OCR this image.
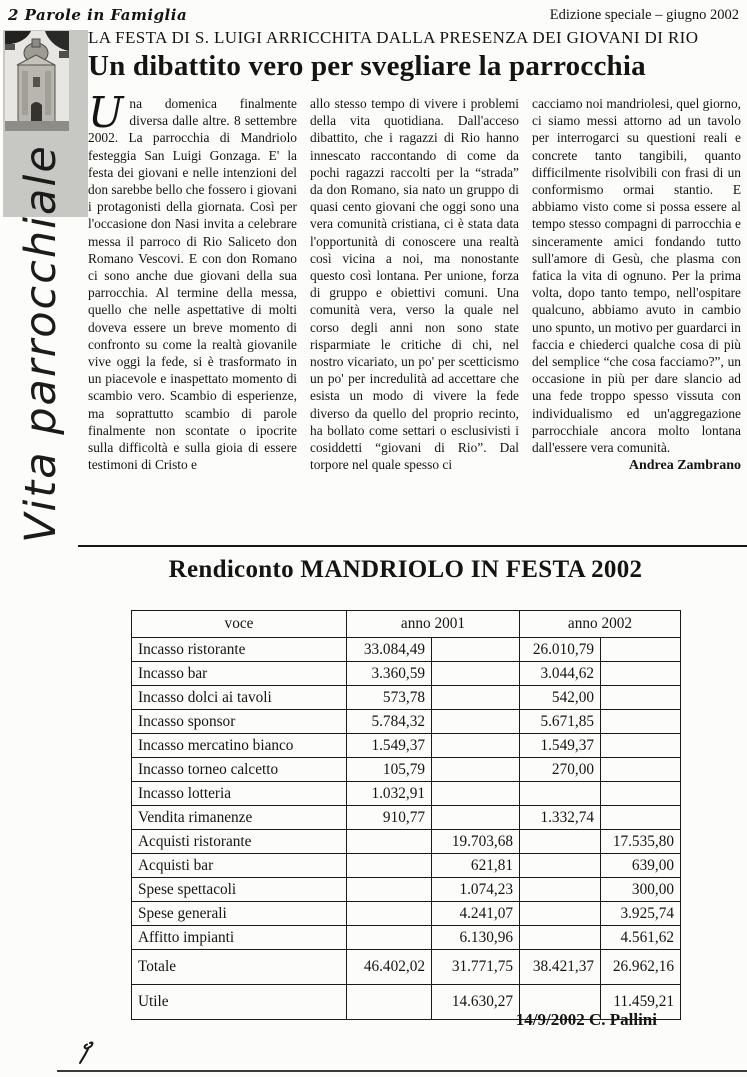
2 Parole in Famiglia	Edizione speciale – giugno 2002
Vita parrocchiale
LA FESTA DI S. LUIGI ARRICCHITA DALLA PRESENZA DEI GIOVANI DI RIO
Un dibattito vero per svegliare la parrocchia
Una domenica finalmente diversa dalle altre. 8 settembre 2002. La parrocchia di Mandriolo festeggia San Luigi Gonzaga. E' la festa dei giovani e nelle intenzioni del don sarebbe bello che fossero i giovani i protagonisti della giornata. Così per l'occasione don Nasi invita a celebrare messa il parroco di Rio Saliceto don Romano Vescovi. E con don Romano ci sono anche due giovani della sua parrocchia. Al termine della messa, quello che nelle aspettative di molti doveva essere un breve momento di confronto su come la realtà giovanile vive oggi la fede, si è trasformato in un piacevole e inaspettato momento di scambio vero. Scambio di esperienze, ma soprattutto scambio di parole finalmente non scontate o ipocrite sulla difficoltà e sulla gioia di essere testimoni di Cristo e
allo stesso tempo di vivere i problemi della vita quotidiana. Dall'acceso dibattito, che i ragazzi di Rio hanno innescato raccontando di come da pochi ragazzi raccolti per la “strada” da don Romano, sia nato un gruppo di quasi cento giovani che oggi sono una vera comunità cristiana, ci è stata data l'opportunità di conoscere una realtà così vicina a noi, ma nonostante questo così lontana. Per unione, forza di gruppo e obiettivi comuni. Una comunità vera, verso la quale nel corso degli anni non sono state risparmiate le critiche di chi, nel nostro vicariato, un po' per scetticismo un po' per incredulità ad accettare che esista un modo di vivere la fede diverso da quello del proprio recinto, ha bollato come settari o esclusivisti i cosiddetti “giovani di Rio”. Dal torpore nel quale spesso ci
cacciamo noi mandriolesi, quel giorno, ci siamo messi attorno ad un tavolo per interrogarci su questioni reali e concrete tanto tangibili, quanto difficilmente risolvibili con frasi di un conformismo ormai stantio. E abbiamo visto come si possa essere al tempo stesso compagni di parrocchia e sinceramente amici fondando tutto sull'amore di Gesù, che plasma con fatica la vita di ognuno. Per la prima volta, dopo tanto tempo, nell'ospitare qualcuno, abbiamo avuto in cambio uno spunto, un motivo per guardarci in faccia e chiederci qualche cosa di più del semplice “che cosa facciamo?”, un occasione in più per dare slancio ad una fede troppo spesso vissuta con individualismo ed un'aggregazione parrocchiale ancora molto lontana dall'essere vera comunità.
Andrea Zambrano
Rendiconto MANDRIOLO IN FESTA 2002
voce	anno 2001		anno 2002	
Incasso ristorante	33.084,49		26.010,79	
Incasso bar	3.360,59		3.044,62	
Incasso dolci ai tavoli	573,78		542,00	
Incasso sponsor	5.784,32		5.671,85	
Incasso mercatino bianco	1.549,37		1.549,37	
Incasso torneo calcetto	105,79		270,00	
Incasso lotteria	1.032,91			
Vendita rimanenze	910,77		1.332,74	
Acquisti ristorante		19.703,68		17.535,80
Acquisti bar		621,81		639,00
Spese spettacoli		1.074,23		300,00
Spese generali		4.241,07		3.925,74
Affitto impianti		6.130,96		4.561,62
Totale	46.402,02	31.771,75	38.421,37	26.962,16
Utile		14.630,27		11.459,21
14/9/2002 C. Pallini
